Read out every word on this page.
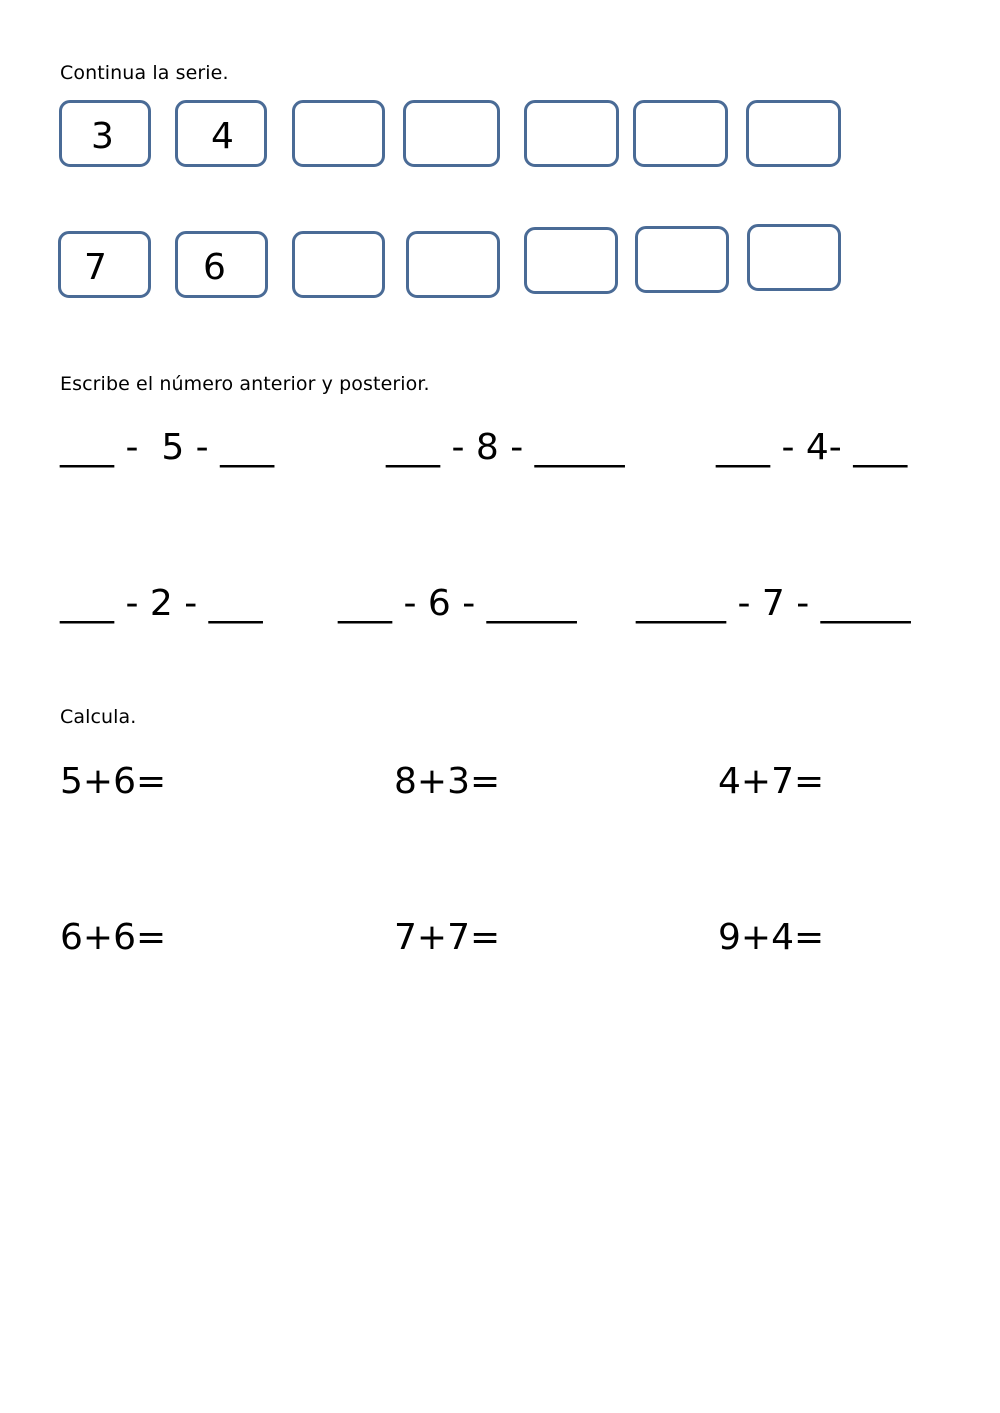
Continua la serie.
3	4
7	6
Escribe el número anterior y posterior.
___ -  5 - ___	___ - 8 - _____	___ - 4- ___
___ - 2 - ___ ___ - 6 - _____ _____ - 7 - _____
Calcula.
5+6=	8+3=	4+7=
6+6=	7+7=	9+4=
